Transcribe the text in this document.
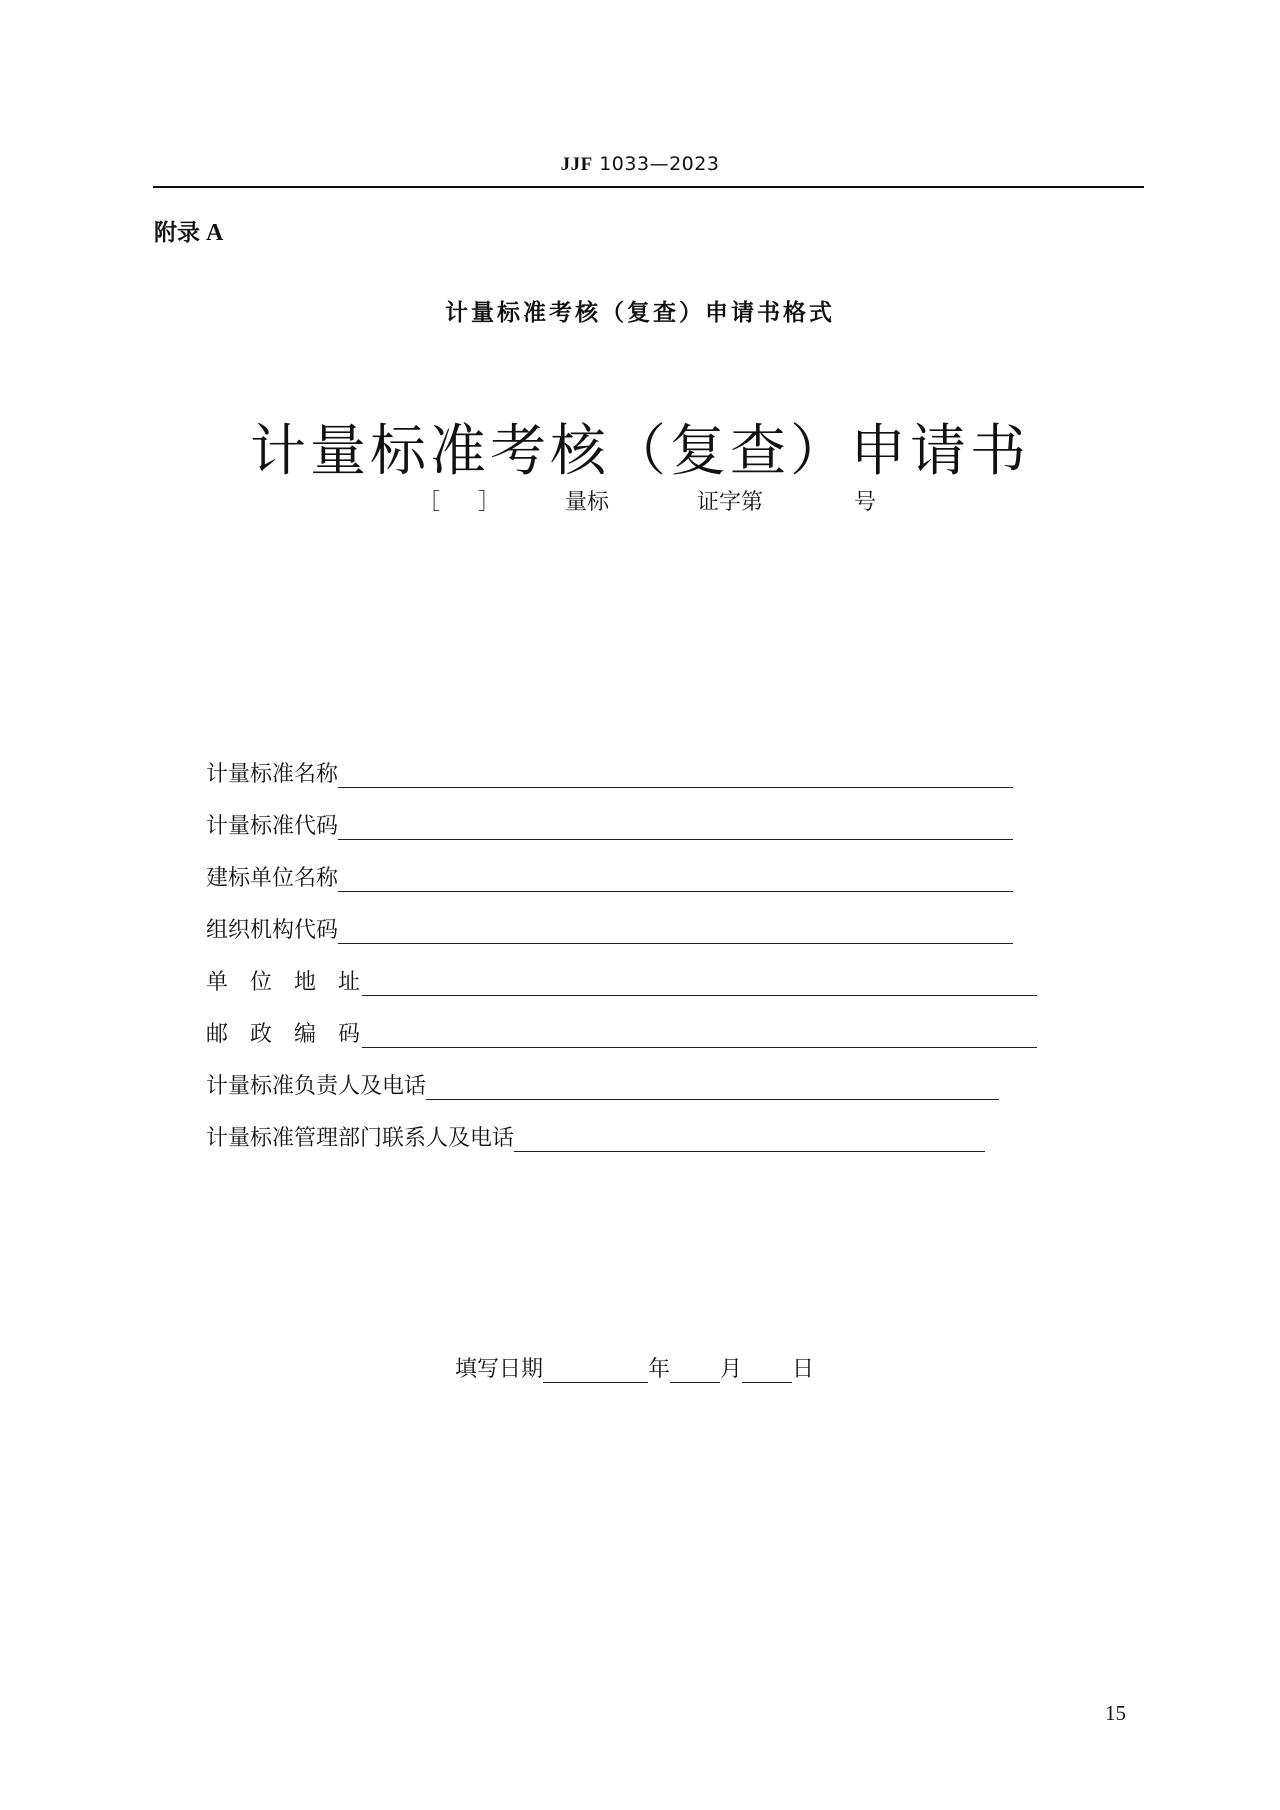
JJF 1033—2023
附录 A
计量标准考核（复查）申请书格式
计量标准考核（复查）申请书
［ ］	量标	证字第	号
计量标准名称
计量标准代码
建标单位名称
组织机构代码
单位地址
邮政编码
计量标准负责人及电话
计量标准管理部门联系人及电话
填写日期	年 月 日
15
